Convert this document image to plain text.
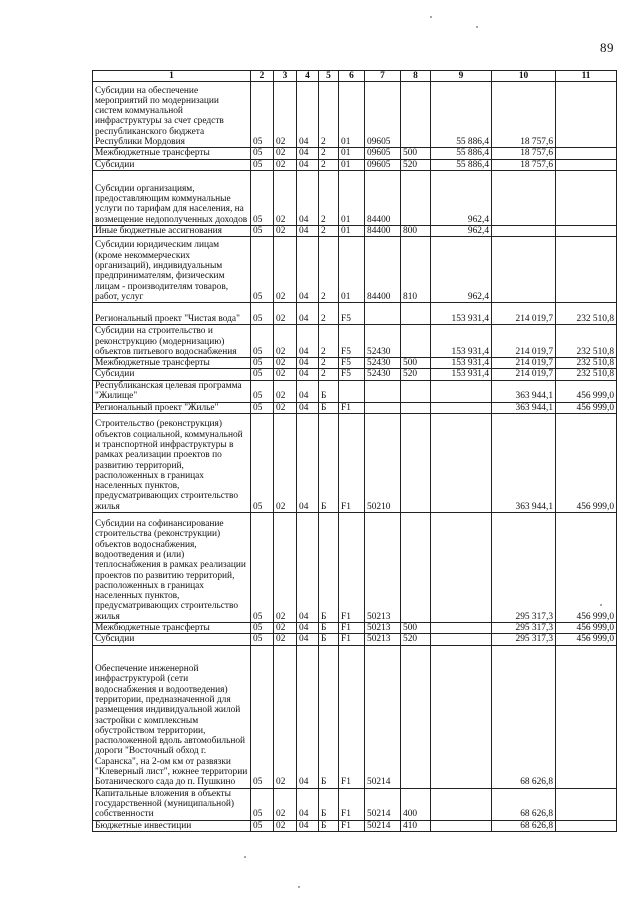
89
1	2	3	4	5	6	7	8	9	10	11
Субсидии на обеспечение мероприятий по модернизации систем коммунальной инфраструктуры за счет средств республиканского бюджета Республики Мордовия	05	02	04	2	01	09605		55 886,4	18 757,6	
Межбюджетные трансферты	05	02	04	2	01	09605	500	55 886,4	18 757,6	
Субсидии	05	02	04	2	01	09605	520	55 886,4	18 757,6	
Субсидии организациям, предоставляющим коммунальные услуги по тарифам для населения, на возмещение недополученных доходов	05	02	04	2	01	84400		962,4		
Иные бюджетные ассигнования	05	02	04	2	01	84400	800	962,4		
Субсидии юридическим лицам (кроме некоммерческих организаций), индивидуальным предпринимателям, физическим лицам - производителям товаров, работ, услуг	05	02	04	2	01	84400	810	962,4		
Региональный проект "Чистая вода"	05	02	04	2	F5			153 931,4	214 019,7	232 510,8
Субсидии на строительство и реконструкцию (модернизацию) объектов питьевого водоснабжения	05	02	04	2	F5	52430		153 931,4	214 019,7	232 510,8
Межбюджетные трансферты	05	02	04	2	F5	52430	500	153 931,4	214 019,7	232 510,8
Субсидии	05	02	04	2	F5	52430	520	153 931,4	214 019,7	232 510,8
Республиканская целевая программа "Жилище"	05	02	04	Б					363 944,1	456 999,0
Региональный проект "Жилье"	05	02	04	Б	F1				363 944,1	456 999,0
Строительство (реконструкция) объектов социальной, коммунальной и транспортной инфраструктуры в рамках реализации проектов по развитию территорий, расположенных в границах населенных пунктов, предусматривающих строительство жилья	05	02	04	Б	F1	50210			363 944,1	456 999,0
Субсидии на софинансирование строительства (реконструкции) объектов водоснабжения, водоотведения и (или) теплоснабжения в рамках реализации проектов по развитию территорий, расположенных в границах населенных пунктов, предусматривающих строительство жилья	05	02	04	Б	F1	50213			295 317,3	456 999,0
Межбюджетные трансферты	05	02	04	Б	F1	50213	500		295 317,3	456 999,0
Субсидии	05	02	04	Б	F1	50213	520		295 317,3	456 999,0
Обеспечение инженерной инфраструктурой (сети водоснабжения и водоотведения) территории, предназначенной для размещения индивидуальной жилой застройки с комплексным обустройством территории, расположенной вдоль автомобильной дороги "Восточный обход г. Саранска", на 2-ом км от развязки "Клеверный лист", южнее территории Ботанического сада до п. Пушкино	05	02	04	Б	F1	50214			68 626,8	
Капитальные вложения в объекты государственной (муниципальной) собственности	05	02	04	Б	F1	50214	400		68 626,8	
Бюджетные инвестиции	05	02	04	Б	F1	50214	410		68 626,8	
